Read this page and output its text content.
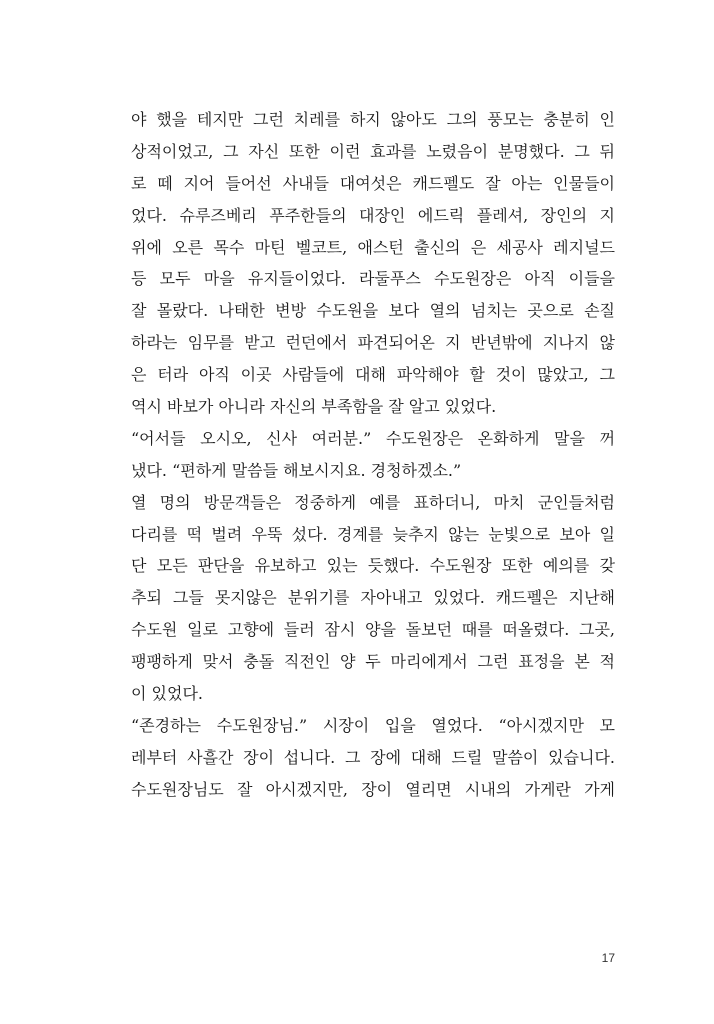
야 했을 테지만 그런 치레를 하지 않아도 그의 풍모는 충분히 인
상적이었고, 그 자신 또한 이런 효과를 노렸음이 분명했다. 그 뒤
로 떼 지어 들어선 사내들 대여섯은 캐드펠도 잘 아는 인물들이
었다. 슈루즈베리 푸주한들의 대장인 에드릭 플레셔, 장인의 지
위에 오른 목수 마틴 벨코트, 애스턴 출신의 은 세공사 레지널드
등 모두 마을 유지들이었다. 라둘푸스 수도원장은 아직 이들을
잘 몰랐다. 나태한 변방 수도원을 보다 열의 넘치는 곳으로 손질
하라는 임무를 받고 런던에서 파견되어온 지 반년밖에 지나지 않
은 터라 아직 이곳 사람들에 대해 파악해야 할 것이 많았고, 그
역시 바보가 아니라 자신의 부족함을 잘 알고 있었다.
“어서들 오시오, 신사 여러분.” 수도원장은 온화하게 말을 꺼
냈다. “편하게 말씀들 해보시지요. 경청하겠소.”
열 명의 방문객들은 정중하게 예를 표하더니, 마치 군인들처럼
다리를 떡 벌려 우뚝 섰다. 경계를 늦추지 않는 눈빛으로 보아 일
단 모든 판단을 유보하고 있는 듯했다. 수도원장 또한 예의를 갖
추되 그들 못지않은 분위기를 자아내고 있었다. 캐드펠은 지난해
수도원 일로 고향에 들러 잠시 양을 돌보던 때를 떠올렸다. 그곳,
팽팽하게 맞서 충돌 직전인 양 두 마리에게서 그런 표정을 본 적
이 있었다.
“존경하는 수도원장님.” 시장이 입을 열었다. “아시겠지만 모
레부터 사흘간 장이 섭니다. 그 장에 대해 드릴 말씀이 있습니다.
수도원장님도 잘 아시겠지만, 장이 열리면 시내의 가게란 가게
17
